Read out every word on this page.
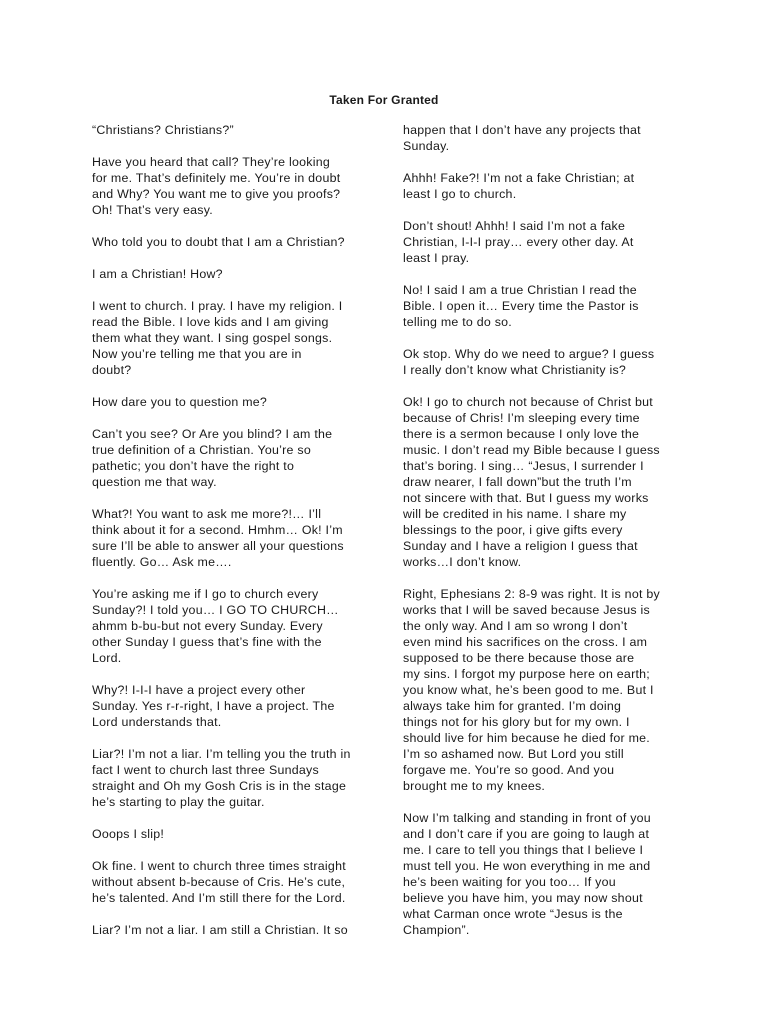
Taken For Granted

“Christians? Christians?”

Have you heard that call? They’re looking
for me. That’s definitely me. You’re in doubt
and Why? You want me to give you proofs?
Oh! That’s very easy.

Who told you to doubt that I am a Christian?

I am a Christian! How?

I went to church. I pray. I have my religion. I
read the Bible. I love kids and I am giving
them what they want. I sing gospel songs.
Now you’re telling me that you are in
doubt?

How dare you to question me?

Can’t you see? Or Are you blind? I am the
true definition of a Christian. You’re so
pathetic; you don’t have the right to
question me that way.

What?! You want to ask me more?!… I’ll
think about it for a second. Hmhm… Ok! I’m
sure I’ll be able to answer all your questions
fluently. Go… Ask me….

You’re asking me if I go to church every
Sunday?! I told you… I GO TO CHURCH…
ahmm b-bu-but not every Sunday. Every
other Sunday I guess that’s fine with the
Lord.

Why?! I-I-I have a project every other
Sunday. Yes r-r-right, I have a project. The
Lord understands that.

Liar?! I’m not a liar. I’m telling you the truth in
fact I went to church last three Sundays
straight and Oh my Gosh Cris is in the stage
he’s starting to play the guitar.

Ooops I slip!

Ok fine. I went to church three times straight
without absent b-because of Cris. He’s cute,
he’s talented. And I’m still there for the Lord.

Liar? I’m not a liar. I am still a Christian. It so

happen that I don’t have any projects that
Sunday.

Ahhh! Fake?! I’m not a fake Christian; at
least I go to church.

Don’t shout! Ahhh! I said I’m not a fake
Christian, I-I-I pray… every other day. At
least I pray.

No! I said I am a true Christian I read the
Bible. I open it… Every time the Pastor is
telling me to do so.

Ok stop. Why do we need to argue? I guess
I really don’t know what Christianity is?

Ok! I go to church not because of Christ but
because of Chris! I’m sleeping every time
there is a sermon because I only love the
music. I don’t read my Bible because I guess
that’s boring. I sing… “Jesus, I surrender I
draw nearer, I fall down”but the truth I’m
not sincere with that. But I guess my works
will be credited in his name. I share my
blessings to the poor, i give gifts every
Sunday and I have a religion I guess that
works…I don’t know.

Right, Ephesians 2: 8-9 was right. It is not by
works that I will be saved because Jesus is
the only way. And I am so wrong I don’t
even mind his sacrifices on the cross. I am
supposed to be there because those are
my sins. I forgot my purpose here on earth;
you know what, he’s been good to me. But I
always take him for granted. I’m doing
things not for his glory but for my own. I
should live for him because he died for me.
I’m so ashamed now. But Lord you still
forgave me. You’re so good. And you
brought me to my knees.

Now I’m talking and standing in front of you
and I don’t care if you are going to laugh at
me. I care to tell you things that I believe I
must tell you. He won everything in me and
he’s been waiting for you too… If you
believe you have him, you may now shout
what Carman once wrote “Jesus is the
Champion”.
